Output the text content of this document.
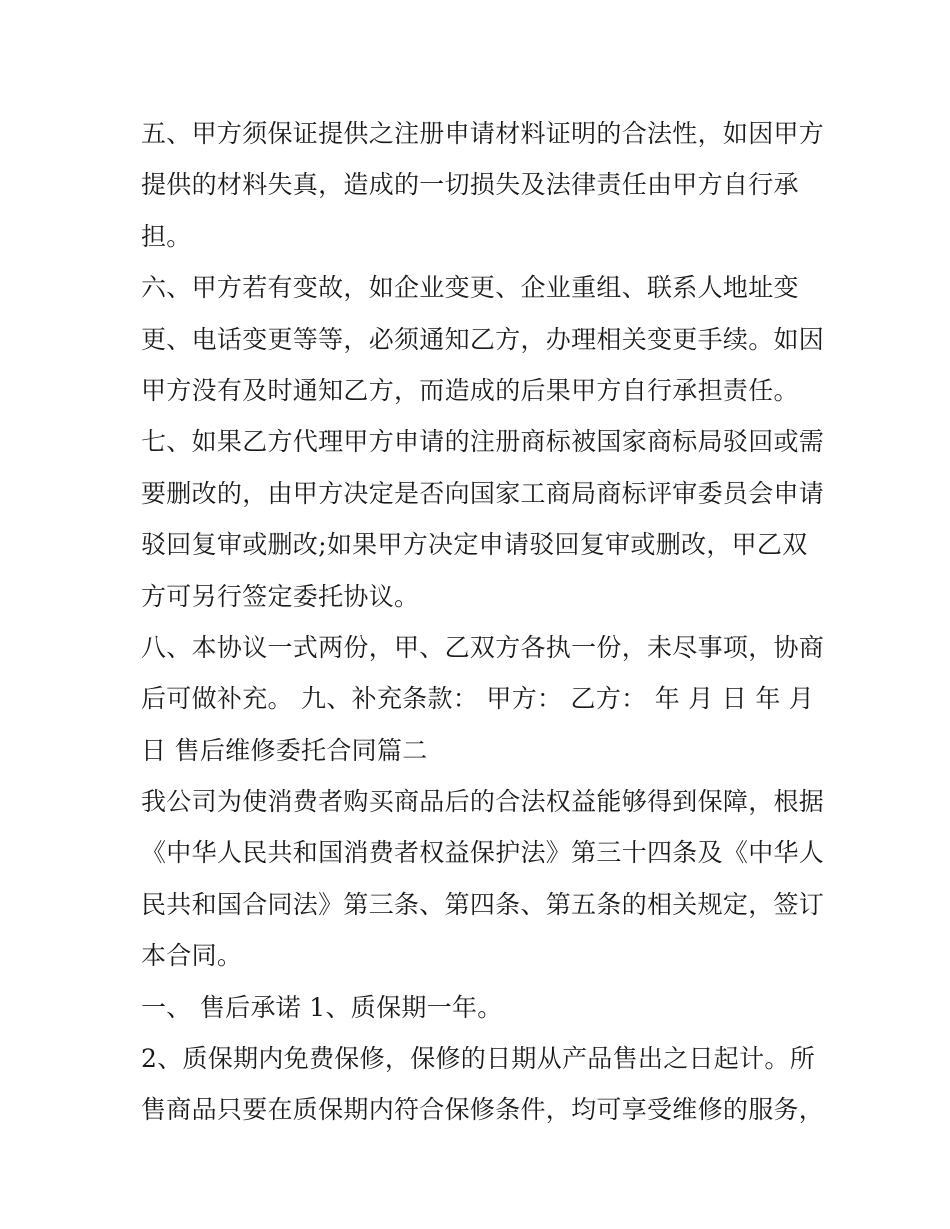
五、甲方须保证提供之注册申请材料证明的合法性，如因甲方
提供的材料失真，造成的一切损失及法律责任由甲方自行承
担。
六、甲方若有变故，如企业变更、企业重组、联系人地址变
更、电话变更等等，必须通知乙方，办理相关变更手续。如因
甲方没有及时通知乙方，而造成的后果甲方自行承担责任。
七、如果乙方代理甲方申请的注册商标被国家商标局驳回或需
要删改的，由甲方决定是否向国家工商局商标评审委员会申请
驳回复审或删改;如果甲方决定申请驳回复审或删改，甲乙双
方可另行签定委托协议。
八、本协议一式两份，甲、乙双方各执一份，未尽事项，协商
后可做补充。 九、补充条款： 甲方： 乙方： 年 月 日 年 月
日 售后维修委托合同篇二
我公司为使消费者购买商品后的合法权益能够得到保障，根据
《中华人民共和国消费者权益保护法》第三十四条及《中华人
民共和国合同法》第三条、第四条、第五条的相关规定，签订
本合同。
一、 售后承诺 1、质保期一年。
2、质保期内免费保修，保修的日期从产品售出之日起计。所
售商品只要在质保期内符合保修条件，均可享受维修的服务，
